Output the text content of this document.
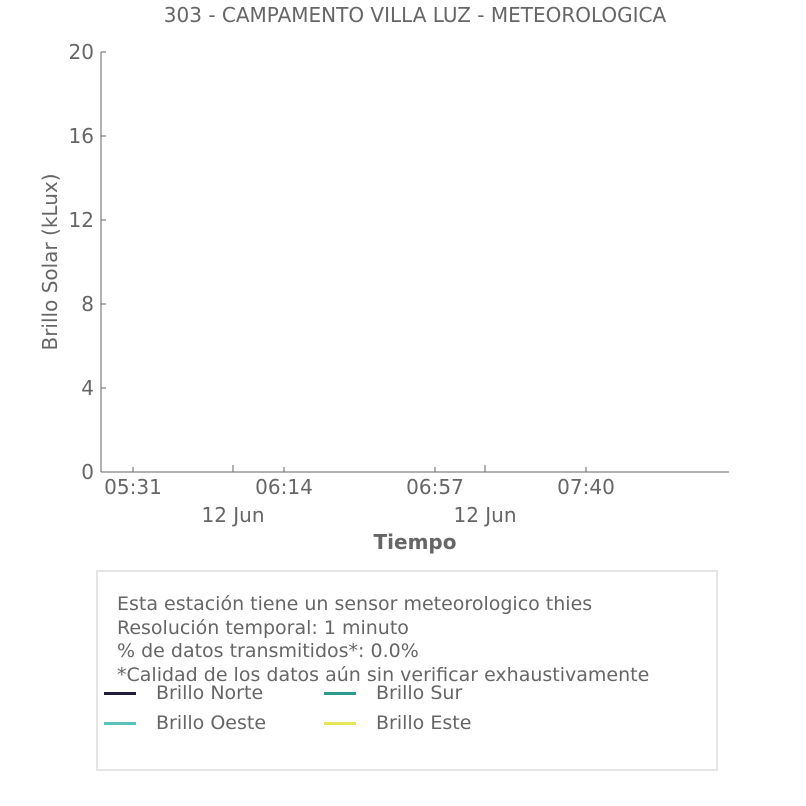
303 - CAMPAMENTO VILLA LUZ - METEOROLOGICA
Brillo Solar (kLux)
Tiempo
0
4
8
12
16
20
05:31	06:14	06:57	07:40
12 Jun	12 Jun
Esta estación tiene un sensor meteorologico thies
Resolución temporal: 1 minuto
% de datos transmitidos*: 0.0%
*Calidad de los datos aún sin verificar exhaustivamente
Brillo Norte	Brillo Sur
Brillo Oeste	Brillo Este
